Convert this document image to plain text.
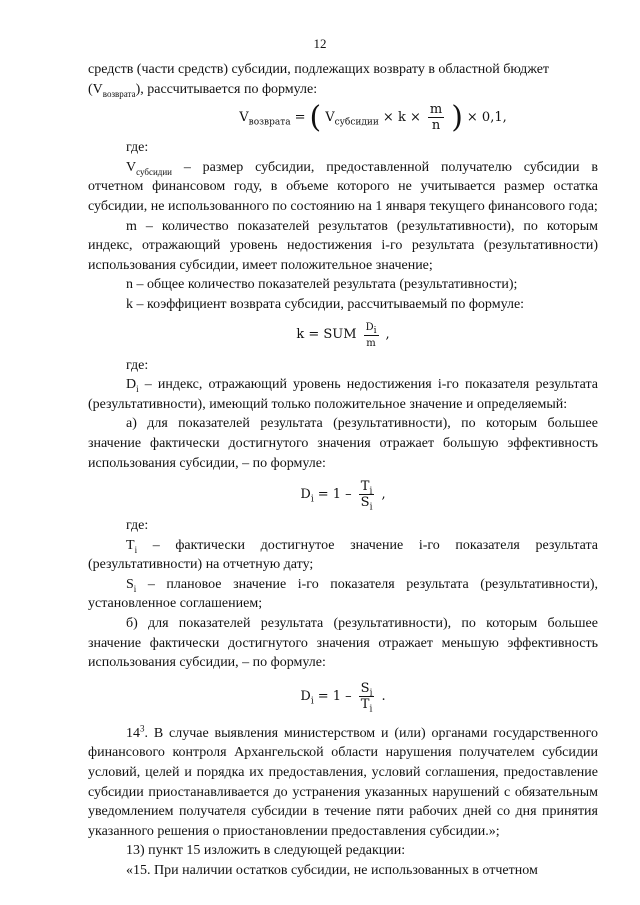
12

средств (части средств) субсидии, подлежащих возврату в областной бюджет $(V_{возврата})$, рассчитывается по формуле:

$V_{возврата}$ = ( $V_{субсидии} \times k \times \frac{m}{n}$ ) × 0,1,

где:

$V_{субсидии}$ – размер субсидии, предоставленной получателю субсидии в отчетном финансовом году, в объеме которого не учитывается размер остатка субсидии, не использованного по состоянию на 1 января текущего финансового года;

m – количество показателей результатов (результативности), по которым индекс, отражающий уровень недостижения i-го результата (результативности) использования субсидии, имеет положительное значение;

n – общее количество показателей результата (результативности);

k – коэффициент возврата субсидии, рассчитываемый по формуле:

k = SUM $\frac{D_i}{m}$ ,

где:

$D_i$ – индекс, отражающий уровень недостижения i-го показателя результата (результативности), имеющий только положительное значение и определяемый:

а) для показателей результата (результативности), по которым большее значение фактически достигнутого значения отражает большую эффективность использования субсидии, – по формуле:

$D_i = 1 - \frac{T_i}{S_i}$ ,

где:

$T_i$ – фактически достигнутое значение i-го показателя результата (результативности) на отчетную дату;

$S_i$ – плановое значение i-го показателя результата (результативности), установленное соглашением;

б) для показателей результата (результативности), по которым большее значение фактически достигнутого значения отражает меньшую эффективность использования субсидии, – по формуле:

$D_i = 1 - \frac{S_i}{T_i}$ .

$14^3$. В случае выявления министерством и (или) органами государственного финансового контроля Архангельской области нарушения получателем субсидии условий, целей и порядка их предоставления, условий соглашения, предоставление субсидии приостанавливается до устранения указанных нарушений с обязательным уведомлением получателя субсидии в течение пяти рабочих дней со дня принятия указанного решения о приостановлении предоставления субсидии.»;

13) пункт 15 изложить в следующей редакции:

«15. При наличии остатков субсидии, не использованных в отчетном
